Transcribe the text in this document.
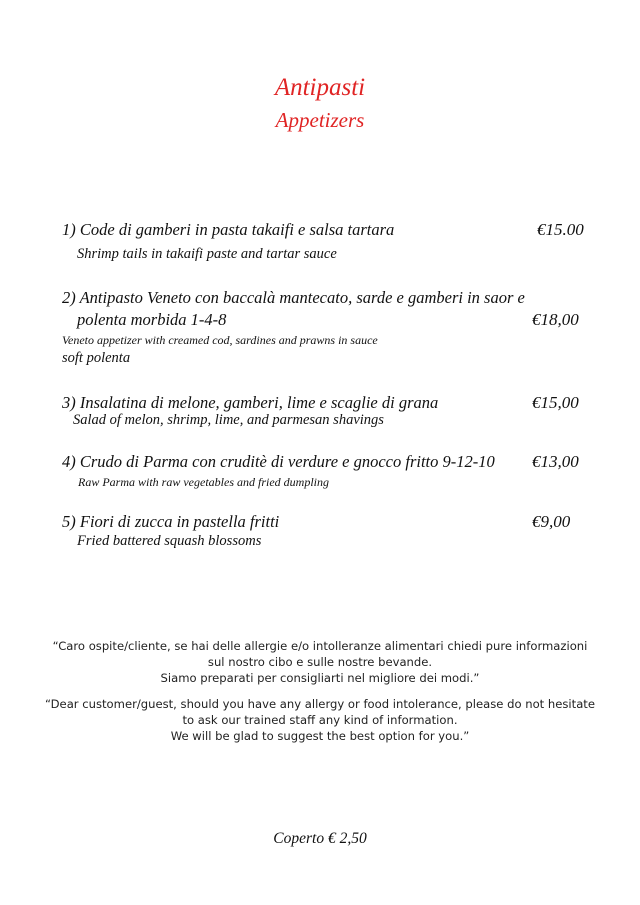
Antipasti
Appetizers
1) Code di gamberi in pasta takaifi e salsa tartara	€15.00
Shrimp tails in takaifi paste and tartar sauce
2) Antipasto Veneto con baccalà mantecato, sarde e gamberi in saor e
polenta morbida 1-4-8	€18,00
Veneto appetizer with creamed cod, sardines and prawns in sauce
soft polenta
3) Insalatina di melone, gamberi, lime e scaglie di grana	€15,00
Salad of melon, shrimp, lime, and parmesan shavings
4) Crudo di Parma con cruditè di verdure e gnocco fritto 9-12-10 €13,00
Raw Parma with raw vegetables and fried dumpling
5) Fiori di zucca in pastella fritti	€9,00
Fried battered squash blossoms
“Caro ospite/cliente, se hai delle allergie e/o intolleranze alimentari chiedi pure informazioni
sul nostro cibo e sulle nostre bevande.
Siamo preparati per consigliarti nel migliore dei modi.”
“Dear customer/guest, should you have any allergy or food intolerance, please do not hesitate
to ask our trained staff any kind of information.
We will be glad to suggest the best option for you.”
Coperto € 2,50
